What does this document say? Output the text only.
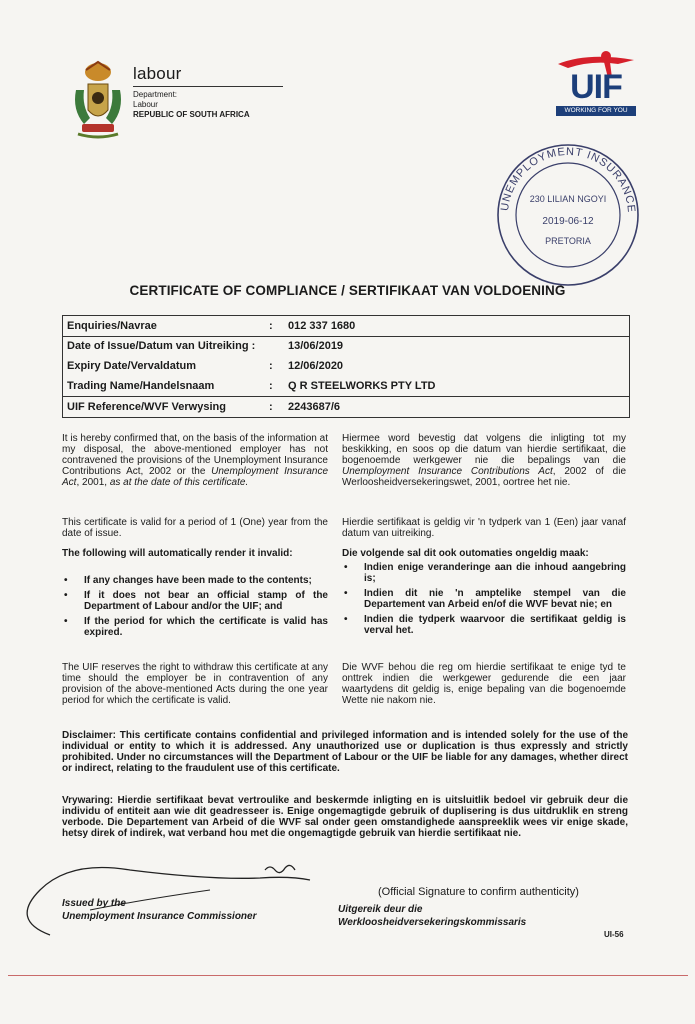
labour
Department:
Labour
REPUBLIC OF SOUTH AFRICA
UIF
WORKING FOR YOU
UNEMPLOYMENT INSURANCE
230 LILIAN NGOYI
2019-06-12
PRETORIA
CERTIFICATE OF COMPLIANCE / SERTIFIKAAT VAN VOLDOENING
Enquiries/Navrae	: 012 337 1680
Date of Issue/Datum van Uitreiking :	13/06/2019
Expiry Date/Vervaldatum	: 12/06/2020
Trading Name/Handelsnaam	: Q R STEELWORKS PTY LTD
UIF Reference/WVF Verwysing	: 2243687/6
It is hereby confirmed that, on the basis of the information at my disposal, the above-mentioned employer has not contravened the provisions of the Unemployment Insurance Contributions Act, 2002 or the Unemployment Insurance Act, 2001, as at the date of this certificate.
This certificate is valid for a period of 1 (One) year from the date of issue.
The following will automatically render it invalid:
• If any changes have been made to the contents;
• If it does not bear an official stamp of the Department of Labour and/or the UIF; and
• If the period for which the certificate is valid has expired.
The UIF reserves the right to withdraw this certificate at any time should the employer be in contravention of any provision of the above-mentioned Acts during the one year period for which the certificate is valid.
Hiermee word bevestig dat volgens die inligting tot my beskikking, en soos op die datum van hierdie sertifikaat, die bogenoemde werkgewer nie die bepalings van die Unemployment Insurance Contributions Act, 2002 of die Werloosheidversekeringswet, 2001, oortree het nie.
Hierdie sertifikaat is geldig vir 'n tydperk van 1 (Een) jaar vanaf datum van uitreiking.
Die volgende sal dit ook outomaties ongeldig maak:
• Indien enige veranderinge aan die inhoud aangebring is;
• Indien dit nie 'n amptelike stempel van die Departement van Arbeid en/of die WVF bevat nie; en
• Indien die tydperk waarvoor die sertifikaat geldig is verval het.
Die WVF behou die reg om hierdie sertifikaat te enige tyd te onttrek indien die werkgewer gedurende die een jaar waartydens dit geldig is, enige bepaling van die bogenoemde Wette nie nakom nie.
Disclaimer: This certificate contains confidential and privileged information and is intended solely for the use of the individual or entity to which it is addressed. Any unauthorized use or duplication is thus expressly and strictly prohibited. Under no circumstances will the Department of Labour or the UIF be liable for any damages, whether direct or indirect, relating to the fraudulent use of this certificate.
Vrywaring: Hierdie sertifikaat bevat vertroulike and beskermde inligting en is uitsluitlik bedoel vir gebruik deur die individu of entiteit aan wie dit geadresseer is. Enige ongemagtigde gebruik of duplisering is dus uitdruklik en streng verbode. Die Departement van Arbeid of die WVF sal onder geen omstandighede aanspreeklik wees vir enige skade, hetsy direk of indirek, wat verband hou met die ongemagtigde gebruik van hierdie sertifikaat nie.
(Official Signature to confirm authenticity)
Issued by the
Unemployment Insurance Commissioner
Uitgereik deur die
Werkloosheidversekeringskommissaris
UI-56
